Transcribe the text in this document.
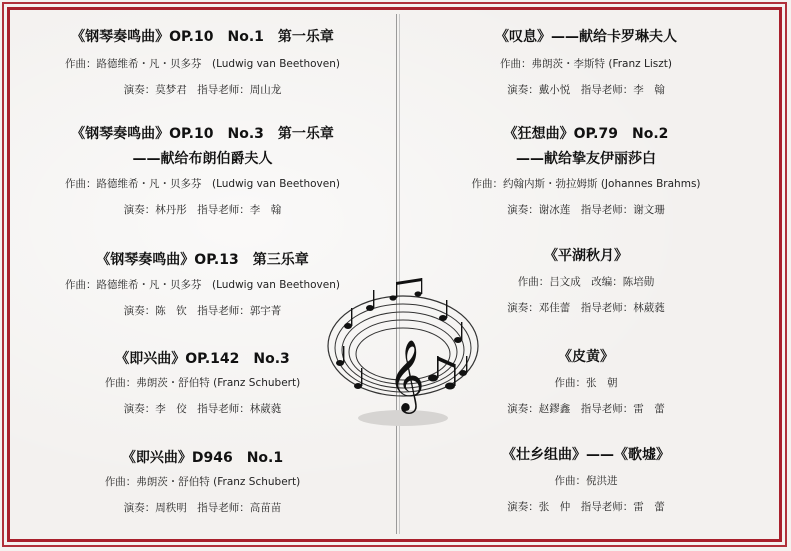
《钢琴奏鸣曲》OP.10　No.1　第一乐章
作曲：路德维希・凡・贝多芬　(Ludwig van Beethoven)
演奏：莫梦君　指导老师：周山龙
《钢琴奏鸣曲》OP.10　No.3　第一乐章
——献给布朗伯爵夫人
作曲：路德维希・凡・贝多芬　(Ludwig van Beethoven)
演奏：林丹彤　指导老师：李　翰
《钢琴奏鸣曲》OP.13　第三乐章
作曲：路德维希・凡・贝多芬　(Ludwig van Beethoven)
演奏：陈　钦　指导老师：郭宇菁
《即兴曲》OP.142　No.3
作曲：弗朗茨・舒伯特 (Franz Schubert)
演奏：李　佼　指导老师：林葳蕤
《即兴曲》D946　No.1
作曲：弗朗茨・舒伯特 (Franz Schubert)
演奏：周秩明　指导老师：高苗苗
《叹息》——献给卡罗琳夫人
作曲：弗朗茨・李斯特 (Franz Liszt)
演奏：戴小悦　指导老师：李　翰
《狂想曲》OP.79　No.2
——献给挚友伊丽莎白
作曲：约翰内斯・勃拉姆斯 (Johannes Brahms)
演奏：谢冰莲　指导老师：谢文珊
《平湖秋月》
作曲：吕文成　改编：陈培勋
演奏：邓佳蕾　指导老师：林葳蕤
《皮黄》
作曲：张　朝
演奏：赵鏐鑫　指导老师：雷　蕾
《壮乡组曲》——《歌墟》
作曲：倪洪进
演奏：张　仲　指导老师：雷　蕾
𝄞
